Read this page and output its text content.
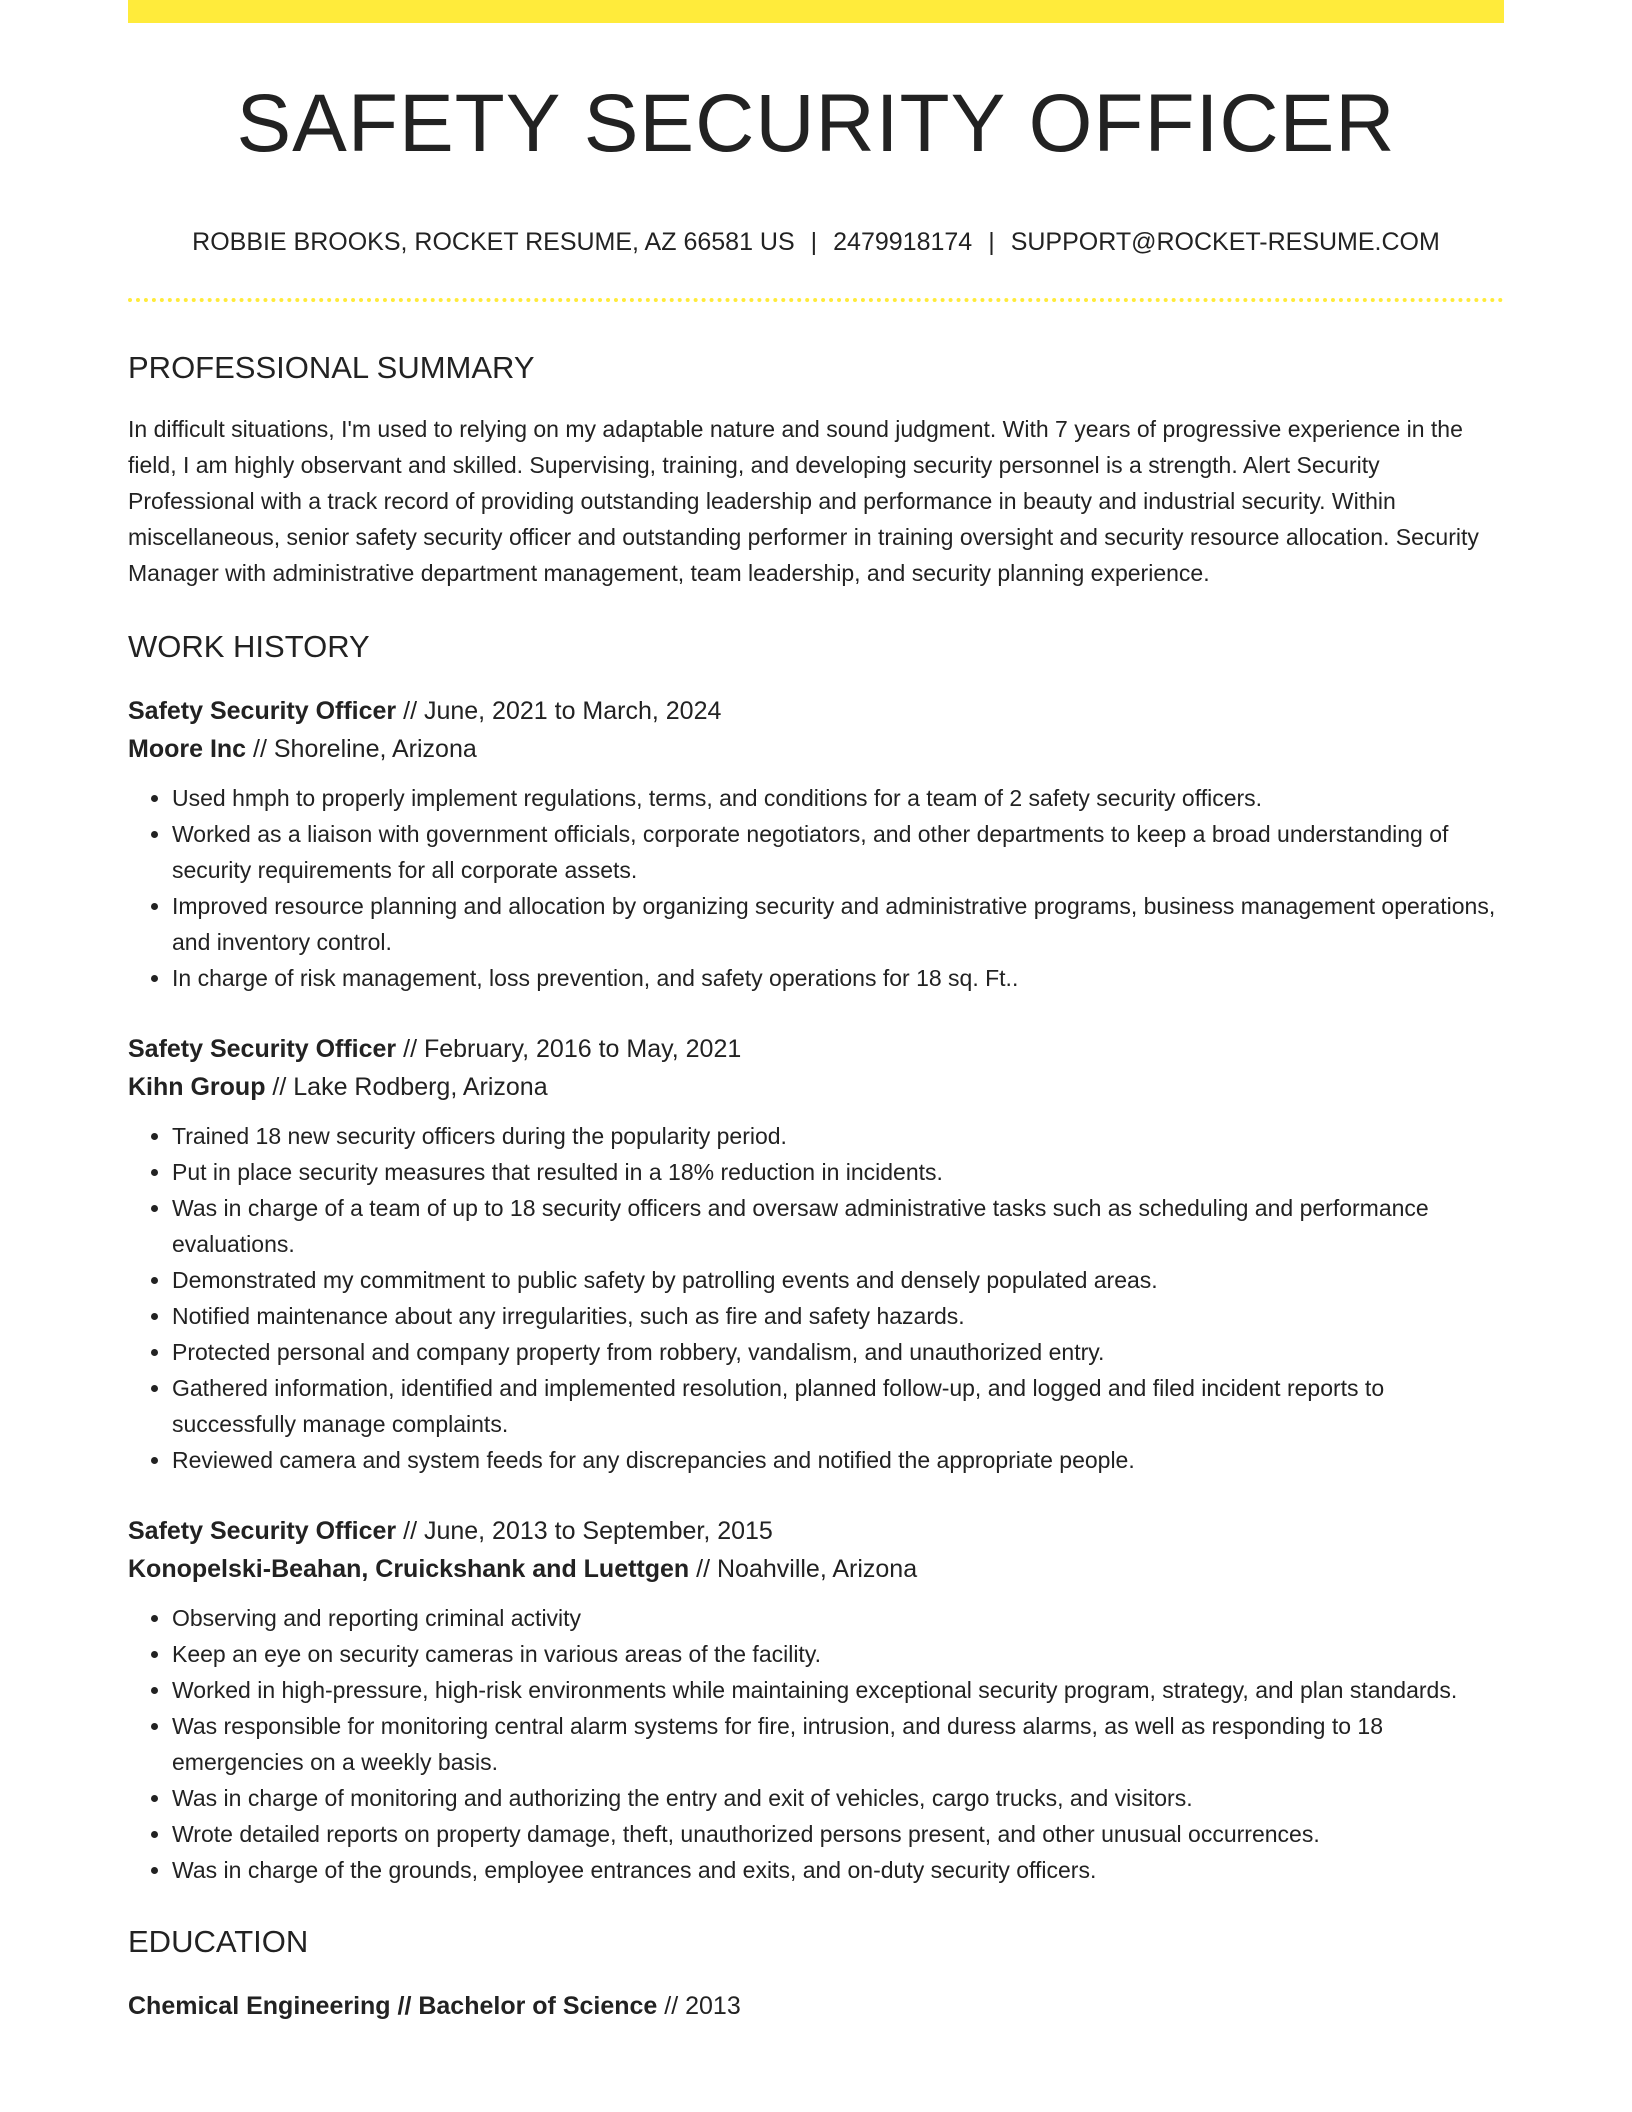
SAFETY SECURITY OFFICER
ROBBIE BROOKS, ROCKET RESUME, AZ 66581 US | 2479918174 | SUPPORT@ROCKET-RESUME.COM
PROFESSIONAL SUMMARY

In difficult situations, I'm used to relying on my adaptable nature and sound judgment. With 7 years of progressive experience in the field, I am highly observant and skilled. Supervising, training, and developing security personnel is a strength. Alert Security Professional with a track record of providing outstanding leadership and performance in beauty and industrial security. Within miscellaneous, senior safety security officer and outstanding performer in training oversight and security resource allocation. Security Manager with administrative department management, team leadership, and security planning experience.

WORK HISTORY
Safety Security Officer // June, 2021 to March, 2024
Moore Inc // Shoreline, Arizona
• Used hmph to properly implement regulations, terms, and conditions for a team of 2 safety security officers.
• Worked as a liaison with government officials, corporate negotiators, and other departments to keep a broad understanding of security requirements for all corporate assets.
• Improved resource planning and allocation by organizing security and administrative programs, business management operations, and inventory control.
• In charge of risk management, loss prevention, and safety operations for 18 sq. Ft..
Safety Security Officer // February, 2016 to May, 2021
Kihn Group // Lake Rodberg, Arizona
• Trained 18 new security officers during the popularity period.
• Put in place security measures that resulted in a 18% reduction in incidents.
• Was in charge of a team of up to 18 security officers and oversaw administrative tasks such as scheduling and performance evaluations.
• Demonstrated my commitment to public safety by patrolling events and densely populated areas.
• Notified maintenance about any irregularities, such as fire and safety hazards.
• Protected personal and company property from robbery, vandalism, and unauthorized entry.
• Gathered information, identified and implemented resolution, planned follow-up, and logged and filed incident reports to successfully manage complaints.
• Reviewed camera and system feeds for any discrepancies and notified the appropriate people.
Safety Security Officer // June, 2013 to September, 2015
Konopelski-Beahan, Cruickshank and Luettgen // Noahville, Arizona
• Observing and reporting criminal activity
• Keep an eye on security cameras in various areas of the facility.
• Worked in high-pressure, high-risk environments while maintaining exceptional security program, strategy, and plan standards.
• Was responsible for monitoring central alarm systems for fire, intrusion, and duress alarms, as well as responding to 18 emergencies on a weekly basis.
• Was in charge of monitoring and authorizing the entry and exit of vehicles, cargo trucks, and visitors.
• Wrote detailed reports on property damage, theft, unauthorized persons present, and other unusual occurrences.
• Was in charge of the grounds, employee entrances and exits, and on-duty security officers.
EDUCATION
Chemical Engineering // Bachelor of Science // 2013
